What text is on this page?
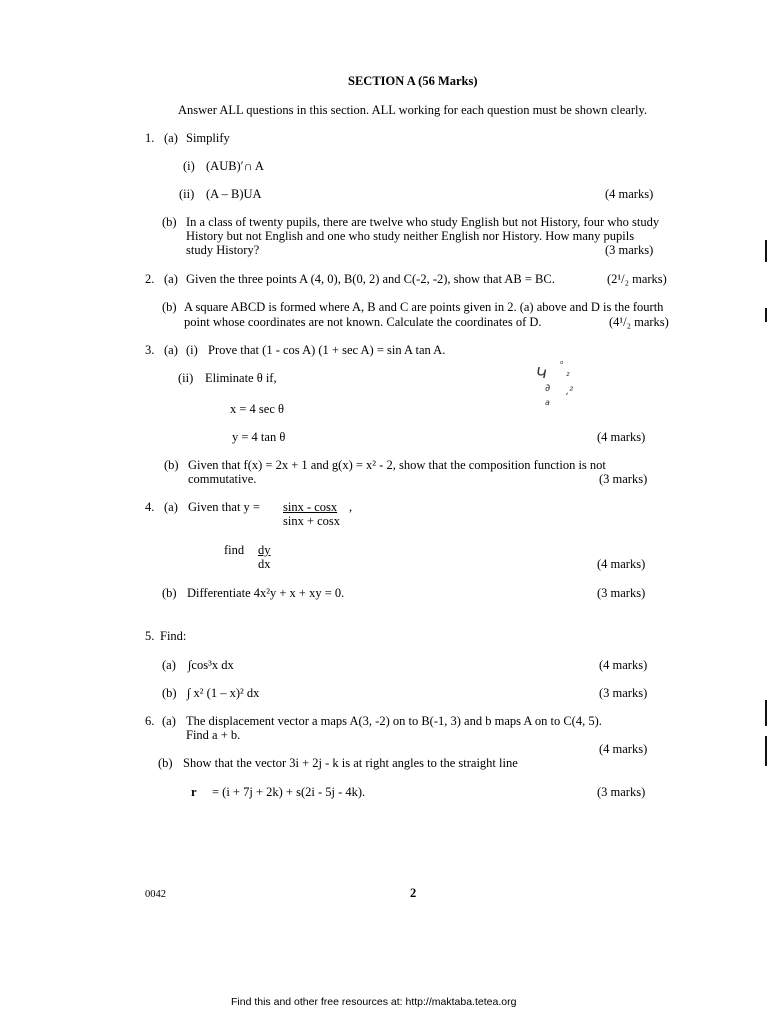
SECTION A (56 Marks)
Answer ALL questions in this section. ALL working for each question must be shown clearly.
1. (a) Simplify
(i) (AUB)′∩ A
(ii) (A – B)UA	(4 marks)
(b) In a class of twenty pupils, there are twelve who study English but not History, four who study
History but not English and one who study neither English nor History. How many pupils
study History?	(3 marks)
2. (a) Given the three points A (4, 0), B(0, 2) and C(-2, -2), show that AB = BC.	(2¹/₂ marks)
(b) A square ABCD is formed where A, B and C are points given in 2. (a) above and D is the fourth
point whose coordinates are not known. Calculate the coordinates of D.	(4¹/₂ marks)
3. (a) (i) Prove that (1 - cos A) (1 + sec A) = sin A tan A.
(ii) Eliminate θ if,
x = 4 sec θ
y = 4 tan θ	(4 marks)
(b) Given that f(x) = 2x + 1 and g(x) = x² - 2, show that the composition function is not
commutative.	(3 marks)
Կ ᵒ
²
∂ ,²
a
4. (a) Given that y = sinx - cosx ,
sinx + cosx
find dy
dx	(4 marks)
(b) Differentiate 4x²y + x + xy = 0.	(3 marks)
5. Find:
(a) ∫cos³x dx	(4 marks)
(b) ∫ x² (1 – x)² dx	(3 marks)
6. (a) The displacement vector a maps A(3, -2) on to B(-1, 3) and b maps A on to C(4, 5).
Find a + b.
(4 marks)
(b) Show that the vector 3i + 2j - k is at right angles to the straight line
r = (i + 7j + 2k) + s(2i - 5j - 4k).	(3 marks)
0042	2
Find this and other free resources at: http://maktaba.tetea.org
